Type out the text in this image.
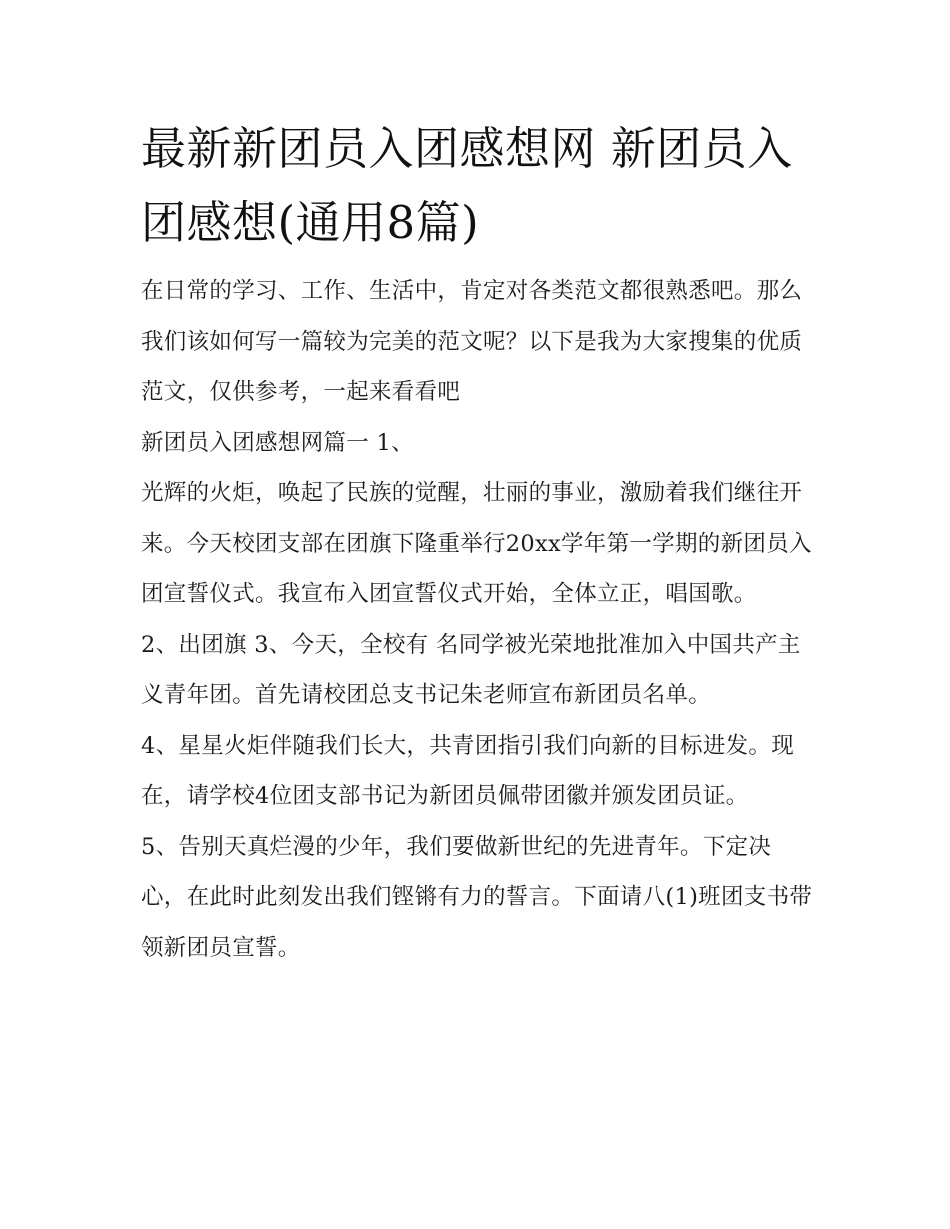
最新新团员入团感想网 新团员入团感想(通用8篇)

在日常的学习、工作、生活中，肯定对各类范文都很熟悉吧。那么我们该如何写一篇较为完美的范文呢？以下是我为大家搜集的优质范文，仅供参考，一起来看看吧

新团员入团感想网篇一 1、

光辉的火炬，唤起了民族的觉醒，壮丽的事业，激励着我们继往开来。今天校团支部在团旗下隆重举行20xx学年第一学期的新团员入团宣誓仪式。我宣布入团宣誓仪式开始，全体立正，唱国歌。

2、出团旗 3、今天，全校有 名同学被光荣地批准加入中国共产主义青年团。首先请校团总支书记朱老师宣布新团员名单。

4、星星火炬伴随我们长大，共青团指引我们向新的目标进发。现在，请学校4位团支部书记为新团员佩带团徽并颁发团员证。

5、告别天真烂漫的少年，我们要做新世纪的先进青年。下定决心，在此时此刻发出我们铿锵有力的誓言。下面请八(1)班团支书带领新团员宣誓。
